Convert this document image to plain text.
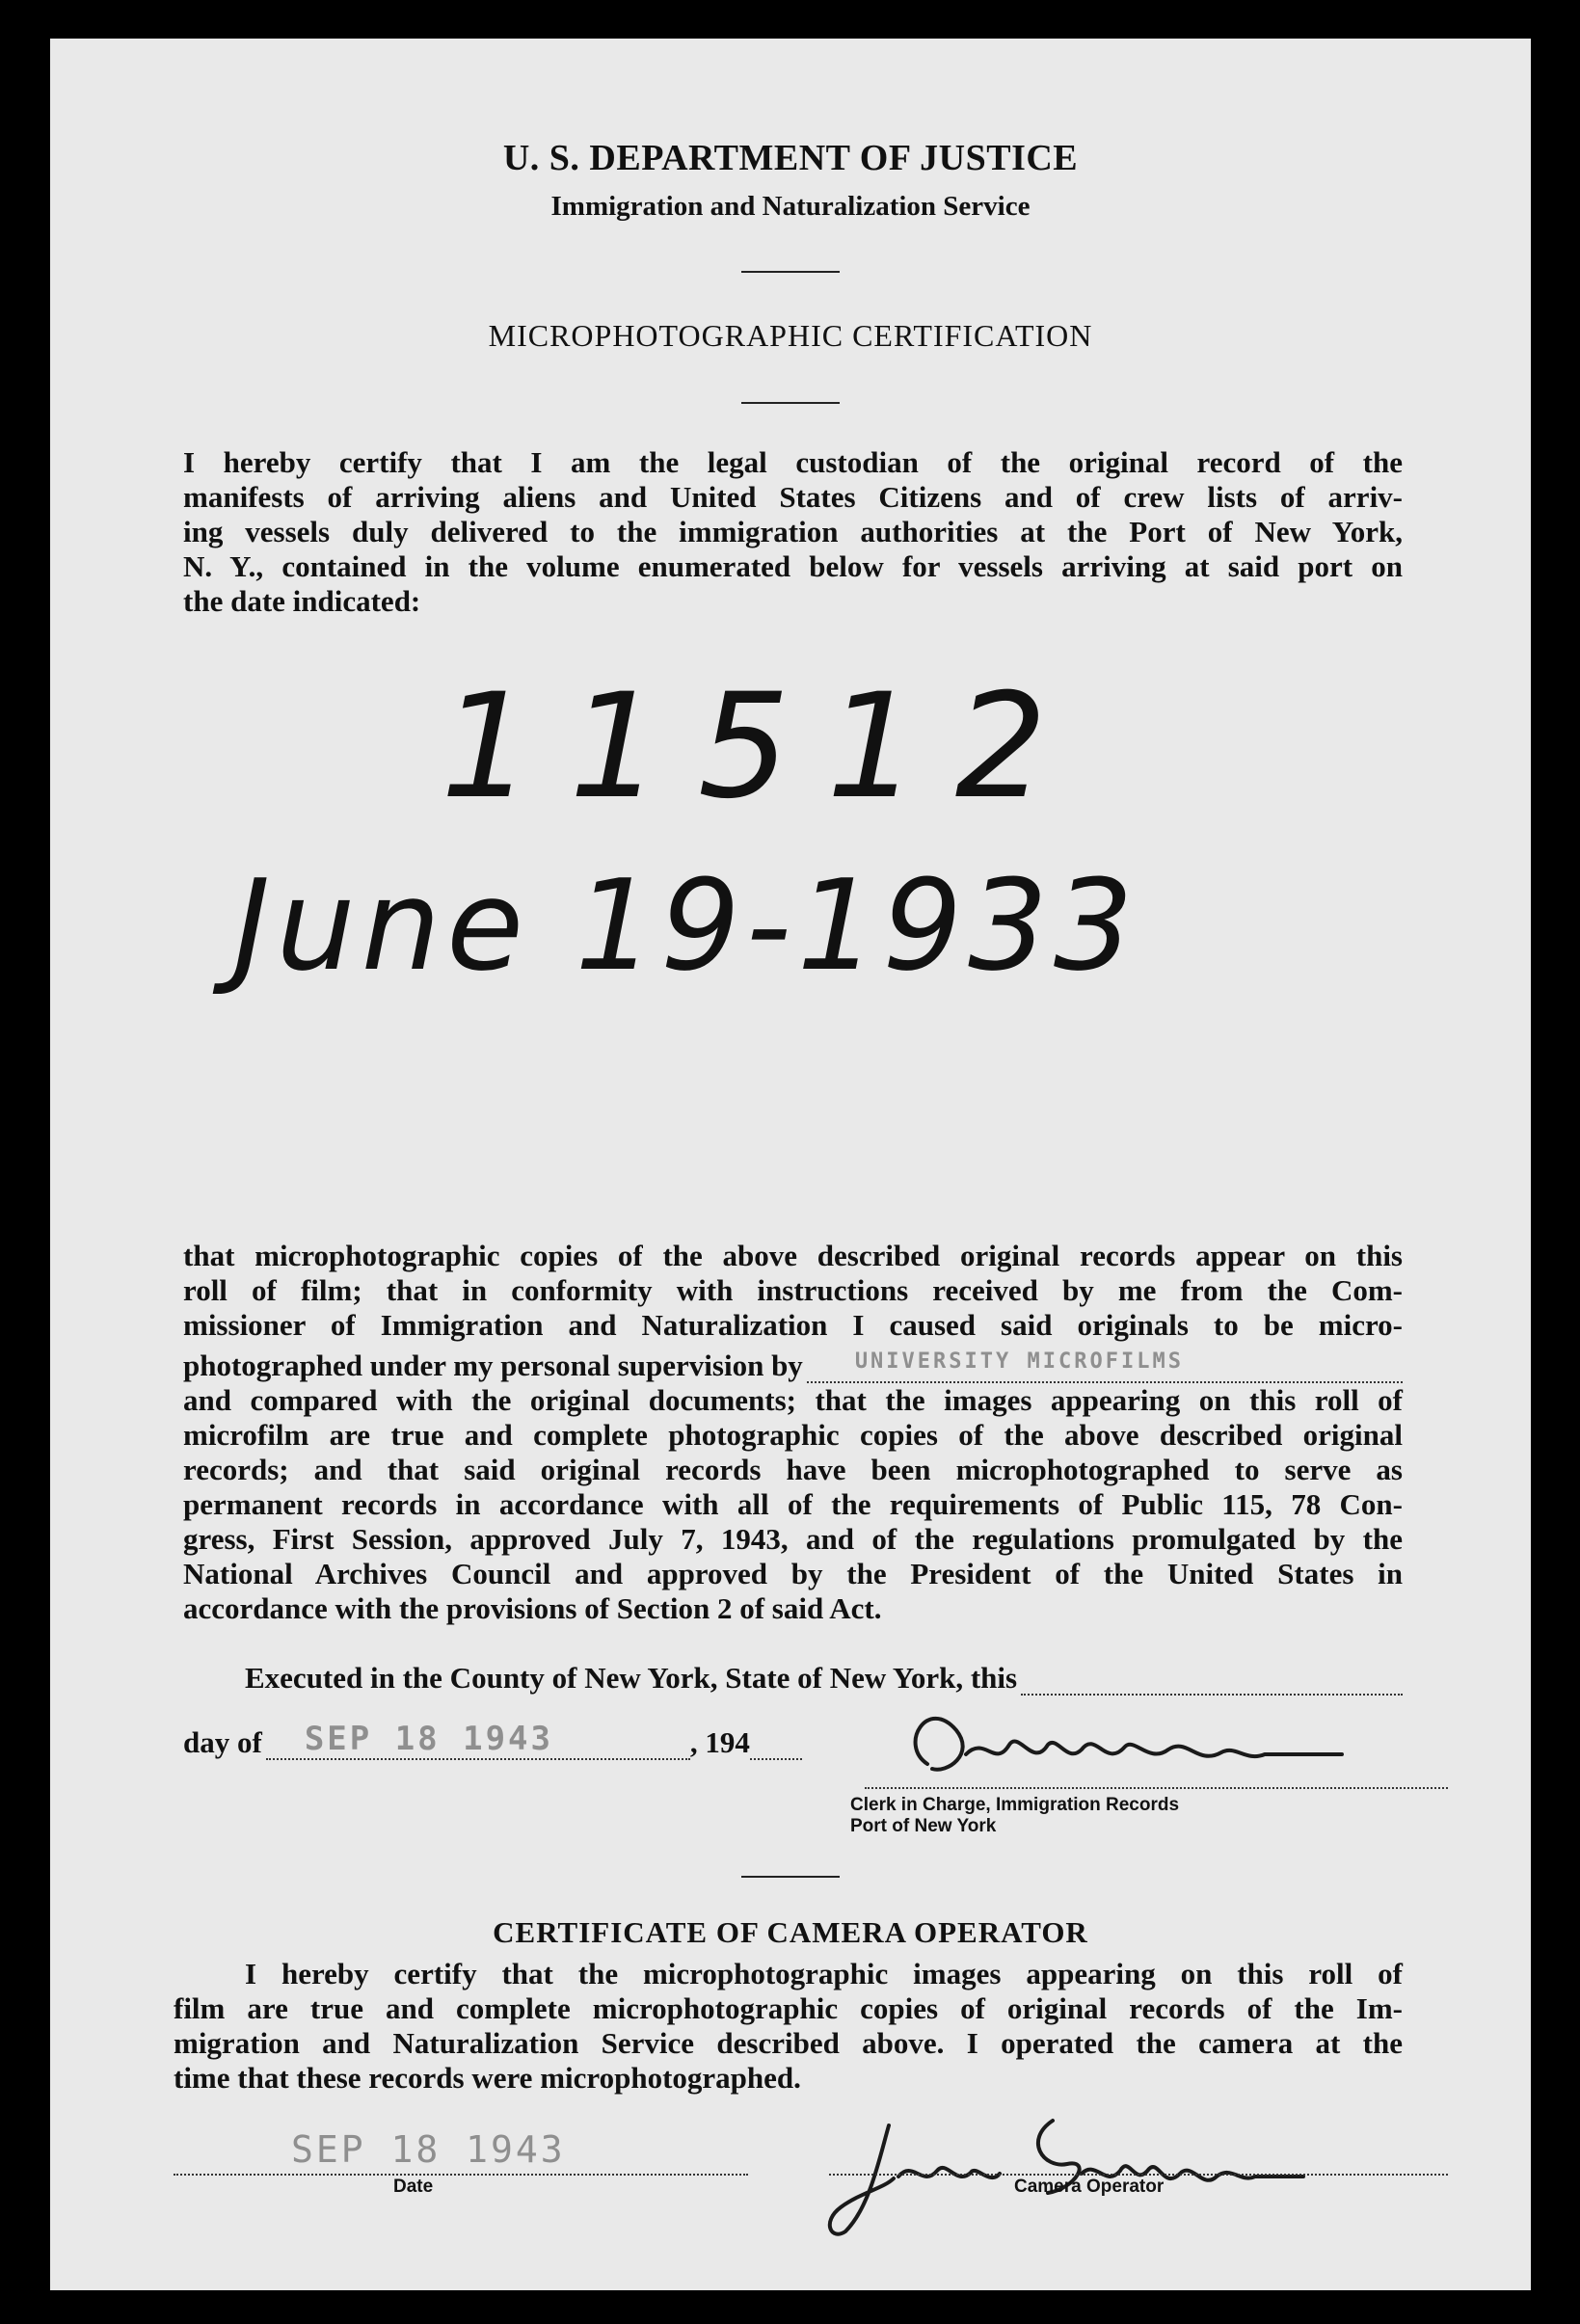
U. S. DEPARTMENT OF JUSTICE
Immigration and Naturalization Service
MICROPHOTOGRAPHIC CERTIFICATION
I hereby certify that I am the legal custodian of the original record of the
manifests of arriving aliens and United States Citizens and of crew lists of arriv-
ing vessels duly delivered to the immigration authorities at the Port of New York,
N. Y., contained in the volume enumerated below for vessels arriving at said port on
the date indicated:
11512
June 19-1933
that microphotographic copies of the above described original records appear on this
roll of film; that in conformity with instructions received by me from the Com-
missioner of Immigration and Naturalization I caused said originals to be micro-
photographed under my personal supervision by UNIVERSITY MICROFILMS
and compared with the original documents; that the images appearing on this roll of
microfilm are true and complete photographic copies of the above described original
records; and that said original records have been microphotographed to serve as
permanent records in accordance with all of the requirements of Public 115, 78 Con-
gress, First Session, approved July 7, 1943, and of the regulations promulgated by the
National Archives Council and approved by the President of the United States in
accordance with the provisions of Section 2 of said Act.
Executed in the County of New York, State of New York, this
day of SEP 18 1943	, 194
Clerk in Charge, Immigration Records
Port of New York
CERTIFICATE OF CAMERA OPERATOR
I hereby certify that the microphotographic images appearing on this roll of
film are true and complete microphotographic copies of original records of the Im-
migration and Naturalization Service described above. I operated the camera at the
time that these records were microphotographed.
SEP 18 1943
Date	Camera Operator
